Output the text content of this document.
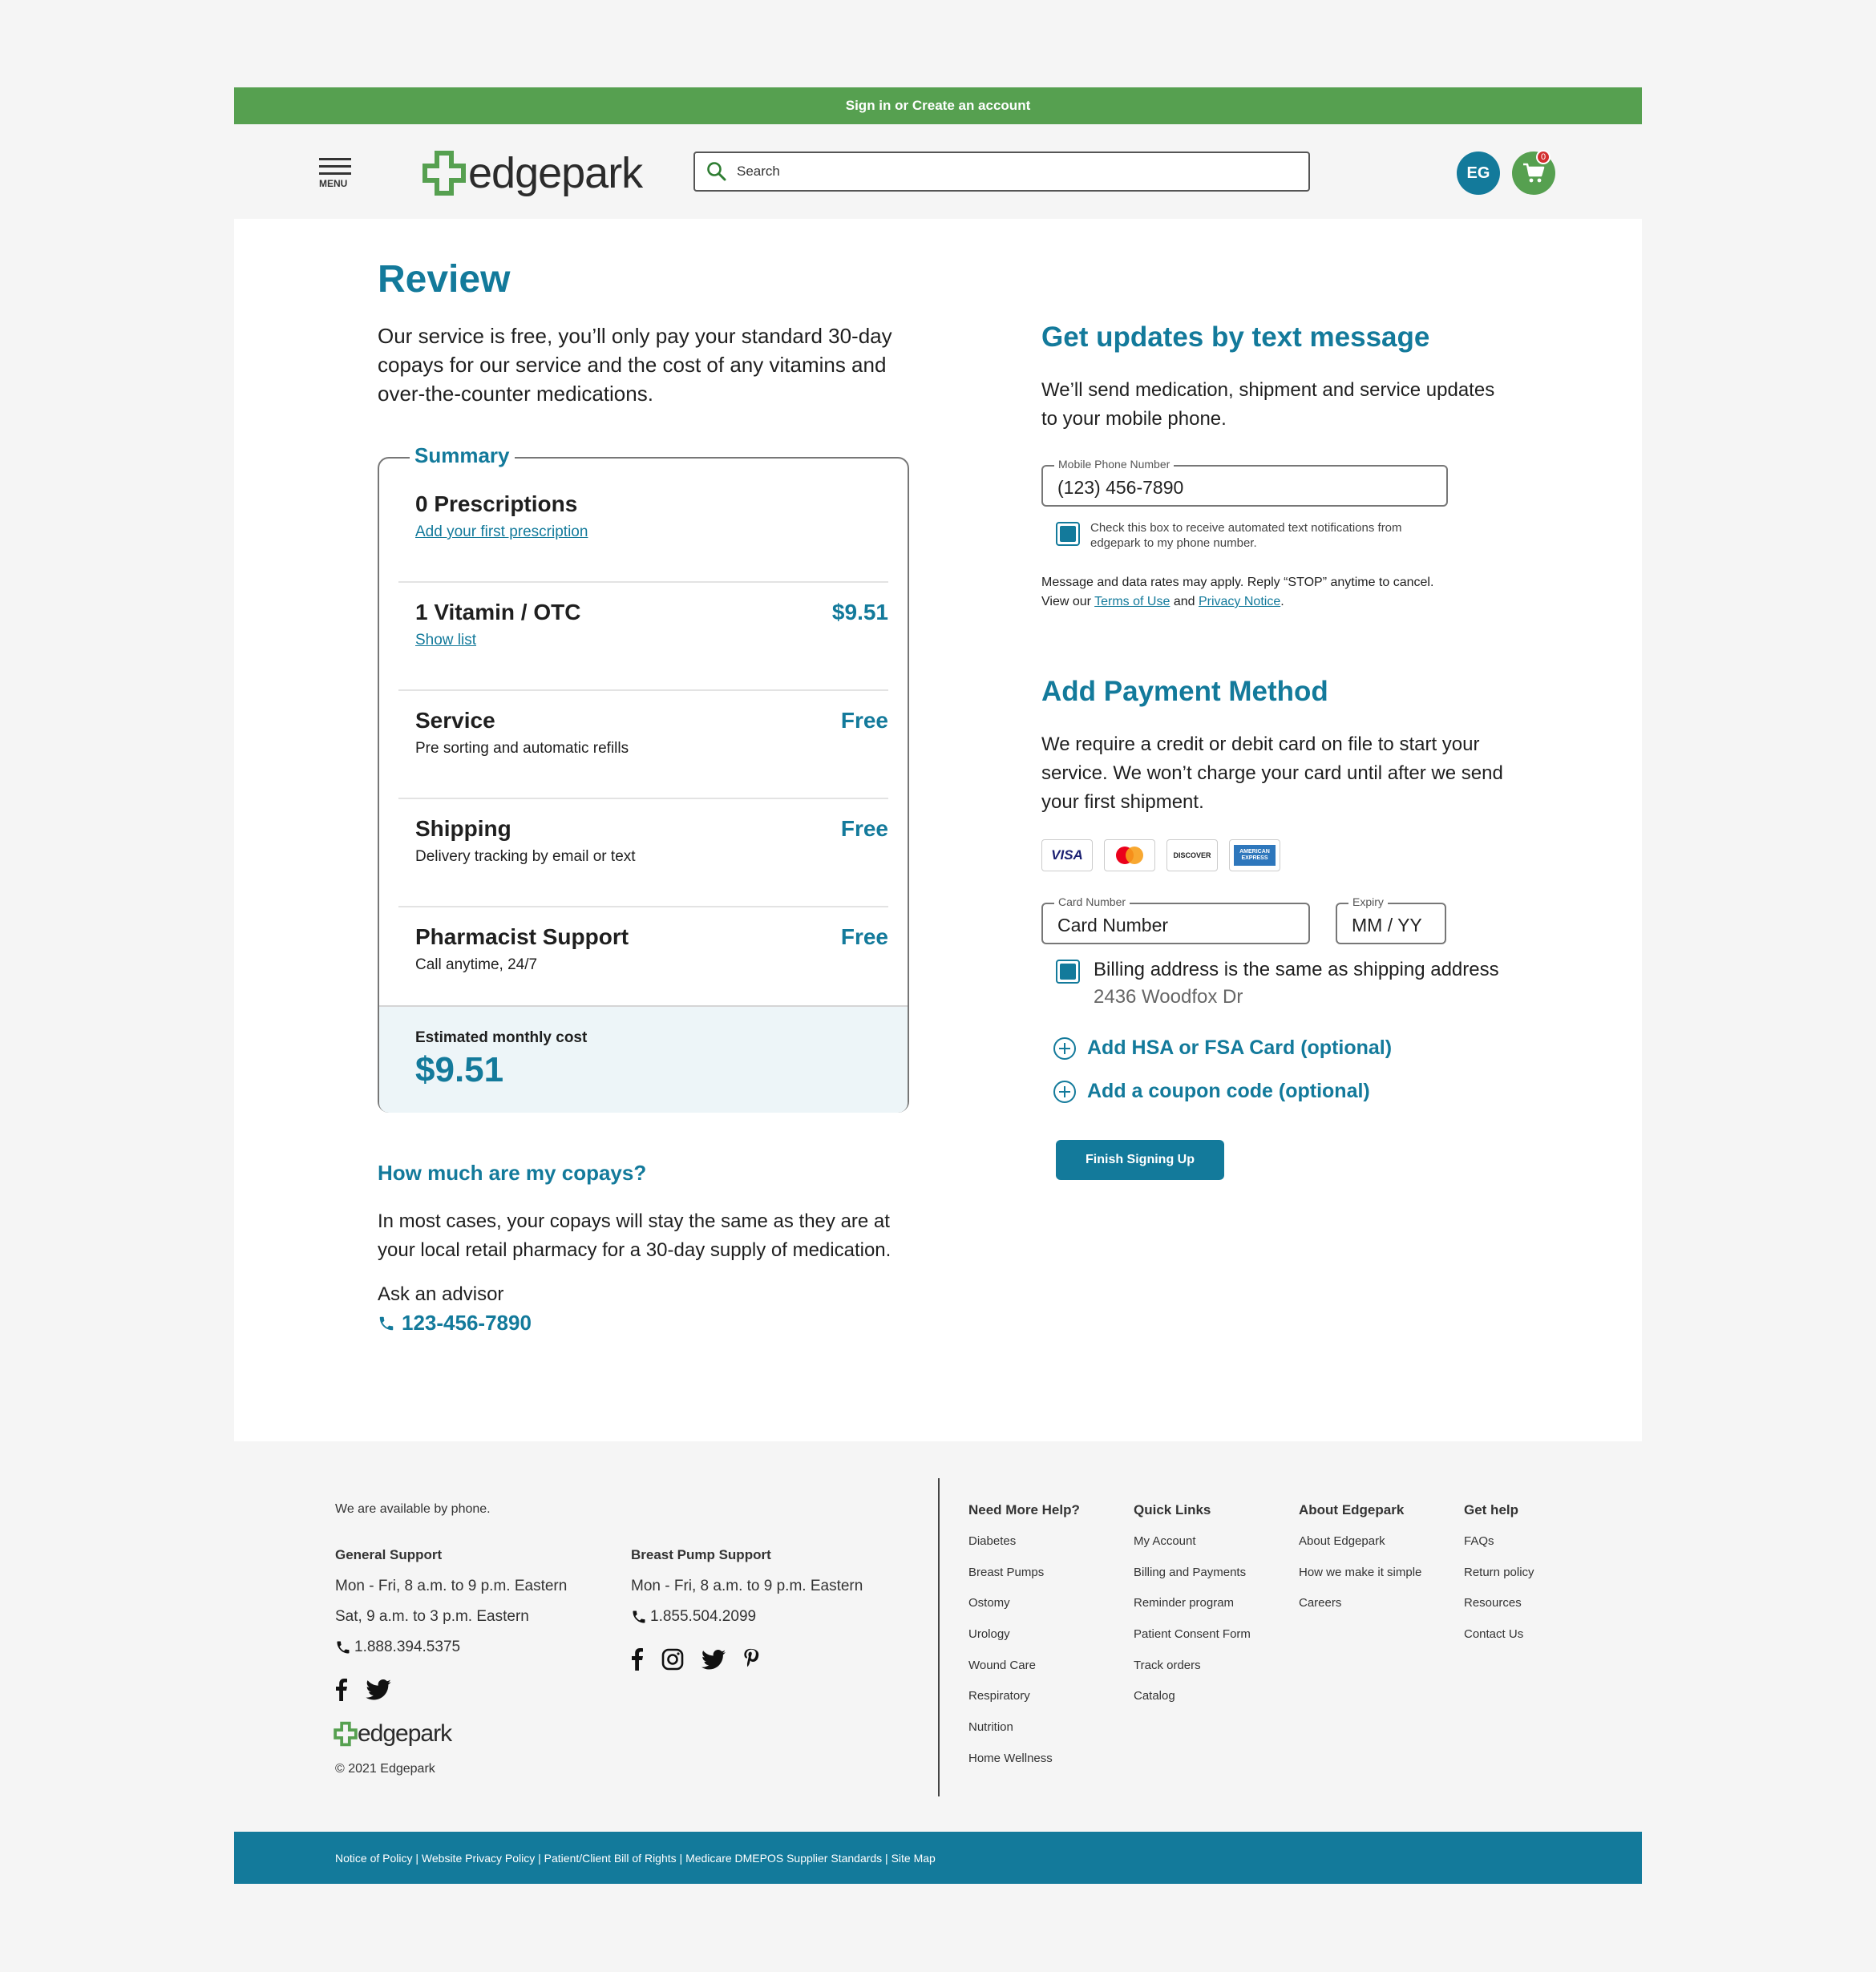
Sign in or Create an account
MENU	edgepark
Search	EG
0
Review

Our service is free, you’ll only pay your standard 30-day copays for our service and the cost of any vitamins and over-the-counter medications.

Summary
0 Prescriptions
Add your first prescription
1 Vitamin / OTC
Show list
$9.51
Service
Pre sorting and automatic refills
Free
Shipping
Delivery tracking by email or text
Free
Pharmacist Support
Call anytime, 24/7
Free
Estimated monthly cost
$9.51
How much are my copays?

In most cases, your copays will stay the same as they are at your local retail pharmacy for a 30-day supply of medication.

Ask an advisor
123-456-7890
Get updates by text message

We’ll send medication, shipment and service updates to your mobile phone.

Mobile Phone Number
(123) 456-7890
Check this box to receive automated text notifications from edgepark to my phone number.
Message and data rates may apply. Reply “STOP” anytime to cancel.
View our Terms of Use and Privacy Notice.
Add Payment Method

We require a credit or debit card on file to start your service. We won’t charge your card until after we send your first shipment.

VISA	DISCOVER	AMERICAN EXPRESS
Card Number
Card Number	Expiry
MM / YY
Billing address is the same as shipping address
2436 Woodfox Dr
Add HSA or FSA Card (optional)
Add a coupon code (optional)
Finish Signing Up
We are available by phone.
General Support
Mon - Fri, 8 a.m. to 9 p.m. Eastern
Sat, 9 a.m. to 3 p.m. Eastern
1.888.394.5375
edgepark
© 2021 Edgepark
Breast Pump Support
Mon - Fri, 8 a.m. to 9 p.m. Eastern
1.855.504.2099
Need More Help?
Diabetes
Breast Pumps
Ostomy
Urology
Wound Care
Respiratory
Nutrition
Home Wellness
Quick Links
My Account
Billing and Payments
Reminder program
Patient Consent Form
Track orders
Catalog
About Edgepark
About Edgepark
How we make it simple
Careers
Get help
FAQs
Return policy
Resources
Contact Us
Notice of Policy | Website Privacy Policy | Patient/Client Bill of Rights | Medicare DMEPOS Supplier Standards | Site Map
